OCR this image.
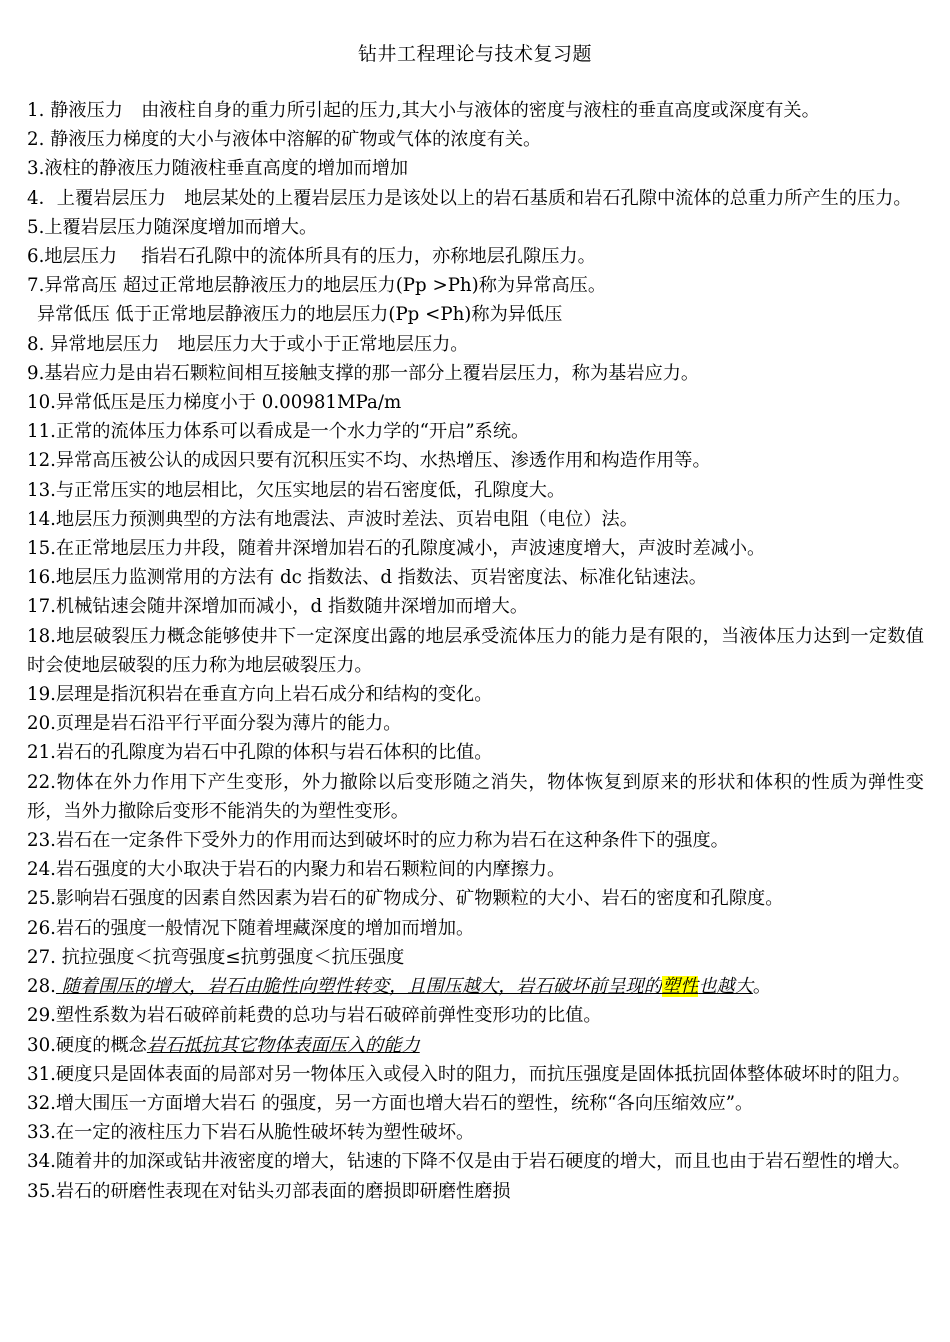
钻井工程理论与技术复习题

1. 静液压力　由液柱自身的重力所引起的压力,其大小与液体的密度与液柱的垂直高度或深度有关。

2. 静液压力梯度的大小与液体中溶解的矿物或气体的浓度有关。

3.液柱的静液压力随液柱垂直高度的增加而增加

4．上覆岩层压力　地层某处的上覆岩层压力是该处以上的岩石基质和岩石孔隙中流体的总重力所产生的压力。

5.上覆岩层压力随深度增加而增大。

6.地层压力　 指岩石孔隙中的流体所具有的压力，亦称地层孔隙压力。

7.异常高压 超过正常地层静液压力的地层压力(Pp >Ph)称为异常高压。

异常低压 低于正常地层静液压力的地层压力(Pp <Ph)称为异低压

8. 异常地层压力　地层压力大于或小于正常地层压力。

9.基岩应力是由岩石颗粒间相互接触支撑的那一部分上覆岩层压力，称为基岩应力。

10.异常低压是压力梯度小于 0.00981MPa/m

11.正常的流体压力体系可以看成是一个水力学的“开启”系统。

12.异常高压被公认的成因只要有沉积压实不均、水热增压、渗透作用和构造作用等。

13.与正常压实的地层相比，欠压实地层的岩石密度低，孔隙度大。

14.地层压力预测典型的方法有地震法、声波时差法、页岩电阻（电位）法。

15.在正常地层压力井段，随着井深增加岩石的孔隙度减小，声波速度增大，声波时差减小。

16.地层压力监测常用的方法有 dc 指数法、d 指数法、页岩密度法、标准化钻速法。

17.机械钻速会随井深增加而减小，d 指数随井深增加而增大。

18.地层破裂压力概念能够使井下一定深度出露的地层承受流体压力的能力是有限的，当液体压力达到一定数值时会使地层破裂的压力称为地层破裂压力。

19.层理是指沉积岩在垂直方向上岩石成分和结构的变化。

20.页理是岩石沿平行平面分裂为薄片的能力。

21.岩石的孔隙度为岩石中孔隙的体积与岩石体积的比值。

22.物体在外力作用下产生变形，外力撤除以后变形随之消失，物体恢复到原来的形状和体积的性质为弹性变形，当外力撤除后变形不能消失的为塑性变形。

23.岩石在一定条件下受外力的作用而达到破坏时的应力称为岩石在这种条件下的强度。

24.岩石强度的大小取决于岩石的内聚力和岩石颗粒间的内摩擦力。

25.影响岩石强度的因素自然因素为岩石的矿物成分、矿物颗粒的大小、岩石的密度和孔隙度。

26.岩石的强度一般情况下随着埋藏深度的增加而增加。

27. 抗拉强度＜抗弯强度≤抗剪强度＜抗压强度

28. 随着围压的增大，岩石由脆性向塑性转变，且围压越大，岩石破坏前呈现的塑性也越大。

29.塑性系数为岩石破碎前耗费的总功与岩石破碎前弹性变形功的比值。

30.硬度的概念岩石抵抗其它物体表面压入的能力

31.硬度只是固体表面的局部对另一物体压入或侵入时的阻力，而抗压强度是固体抵抗固体整体破坏时的阻力。

32.增大围压一方面增大岩石 的强度，另一方面也增大岩石的塑性，统称“各向压缩效应”。

33.在一定的液柱压力下岩石从脆性破坏转为塑性破坏。

34.随着井的加深或钻井液密度的增大，钻速的下降不仅是由于岩石硬度的增大，而且也由于岩石塑性的增大。

35.岩石的研磨性表现在对钻头刃部表面的磨损即研磨性磨损
